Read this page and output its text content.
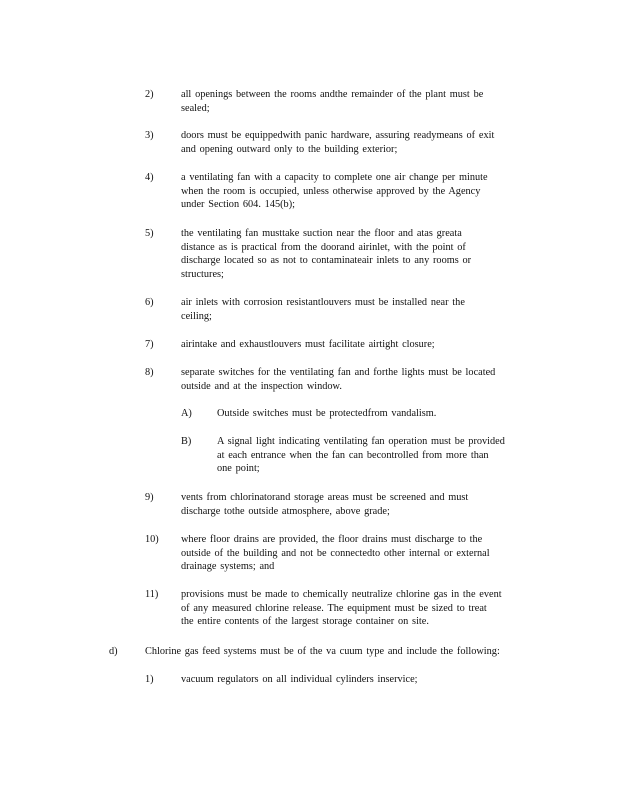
2)	all openings between the rooms andthe remainder of the plant must be
sealed;
3)	doors must be equippedwith panic hardware, assuring readymeans of exit
and opening outward only to the building exterior;
4)	a ventilating fan with a capacity to complete one air change per minute
when the room is occupied, unless otherwise approved by the Agency
under Section 604. 145(b);
5)	the ventilating fan musttake suction near the floor and atas greata
distance as is practical from the doorand airinlet, with the point of
discharge located so as not to contaminateair inlets to any rooms or
structures;
6)	air inlets with corrosion resistantlouvers must be installed near the
ceiling;
7)	airintake and exhaustlouvers must facilitate airtight closure;
8)	separate switches for the ventilating fan and forthe lights must be located
outside and at the inspection window.
A) Outside switches must be protectedfrom vandalism.
B) A signal light indicating ventilating fan operation must be provided
at each entrance when the fan can becontrolled from more than
one point;
9)	vents from chlorinatorand storage areas must be screened and must
discharge tothe outside atmosphere, above grade;
10) where floor drains are provided, the floor drains must discharge to the
outside of the building and not be connectedto other internal or external
drainage systems; and
11) provisions must be made to chemically neutralize chlorine gas in the event
of any measured chlorine release. The equipment must be sized to treat
the entire contents of the largest storage container on site.
d)	Chlorine gas feed systems must be of the va cuum type and include the following:
1)	vacuum regulators on all individual cylinders inservice;
